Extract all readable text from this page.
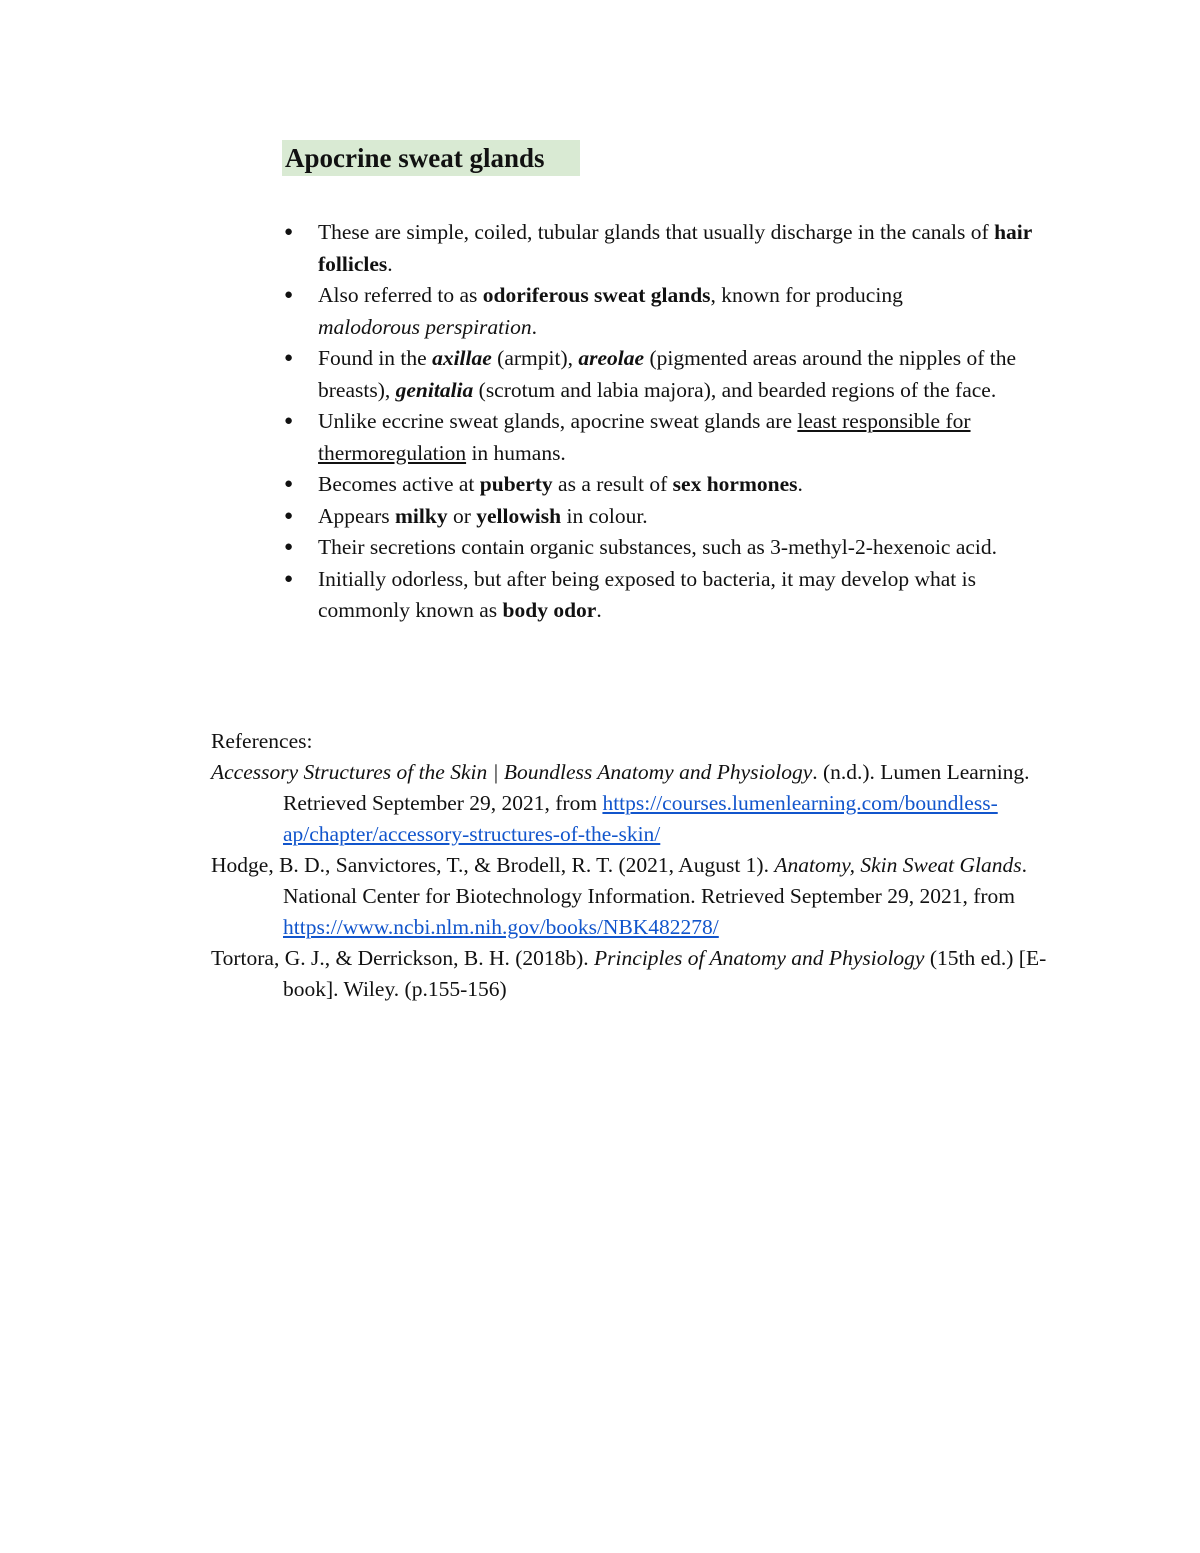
Apocrine sweat glands
● These are simple, coiled, tubular glands that usually discharge in the canals of hair follicles.
● Also referred to as odoriferous sweat glands, known for producing
malodorous perspiration.
● Found in the axillae (armpit), areolae (pigmented areas around the nipples of the breasts), genitalia (scrotum and labia majora), and bearded regions of the face.
● Unlike eccrine sweat glands, apocrine sweat glands are least responsible for thermoregulation in humans.
● Becomes active at puberty as a result of sex hormones.
● Appears milky or yellowish in colour.
● Their secretions contain organic substances, such as 3-methyl-2-hexenoic acid.
● Initially odorless, but after being exposed to bacteria, it may develop what is commonly known as body odor.

References:

Accessory Structures of the Skin | Boundless Anatomy and Physiology. (n.d.). Lumen Learning. Retrieved September 29, 2021, from https://courses.lumenlearning.com/boundless-ap/chapter/accessory-structures-of-the-skin/

Hodge, B. D., Sanvictores, T., & Brodell, R. T. (2021, August 1). Anatomy, Skin Sweat Glands. National Center for Biotechnology Information. Retrieved September 29, 2021, from https://www.ncbi.nlm.nih.gov/books/NBK482278/

Tortora, G. J., & Derrickson, B. H. (2018b). Principles of Anatomy and Physiology (15th ed.) [E-book]. Wiley. (p.155-156)
